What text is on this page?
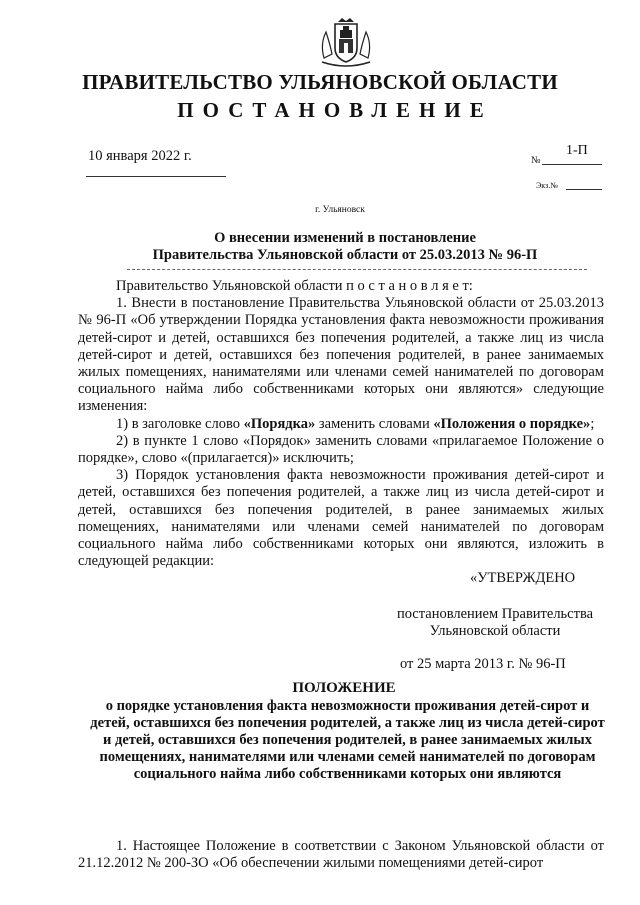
ПРАВИТЕЛЬСТВО УЛЬЯНОВСКОЙ ОБЛАСТИ
ПОСТАНОВЛЕНИЕ
10 января 2022 г.	№
1-П
Экз.№
г. Ульяновск
О внесении изменений в постановление
Правительства Ульяновской области от 25.03.2013 № 96-П

Правительство Ульяновской области п о с т а н о в л я е т:

1. Внести в постановление Правительства Ульяновской области от 25.03.2013 № 96-П «Об утверждении Порядка установления факта невозможности проживания детей-сирот и детей, оставшихся без попечения родителей, а также лиц из числа детей-сирот и детей, оставшихся без попечения родителей, в ранее занимаемых жилых помещениях, нанимателями или членами семей нанимателей по договорам социального найма либо собственниками которых они являются» следующие изменения:

1) в заголовке слово «Порядка» заменить словами «Положения о порядке»;

2) в пункте 1 слово «Порядок» заменить словами «прилагаемое Положение о порядке», слово «(прилагается)» исключить;

3) Порядок установления факта невозможности проживания детей-сирот и детей, оставшихся без попечения родителей, а также лиц из числа детей-сирот и детей, оставшихся без попечения родителей, в ранее занимаемых жилых помещениях, нанимателями или членами семей нанимателей по договорам социального найма либо собственниками которых они являются, изложить в следующей редакции:

«УТВЕРЖДЕНО
постановлением Правительства
Ульяновской области
от 25 марта 2013 г. № 96-П
ПОЛОЖЕНИЕ
о порядке установления факта невозможности проживания детей-сирот и детей, оставшихся без попечения родителей, а также лиц из числа детей-сирот и детей, оставшихся без попечения родителей, в ранее занимаемых жилых помещениях, нанимателями или членами семей нанимателей по договорам социального найма либо собственниками которых они являются

1. Настоящее Положение в соответствии с Законом Ульяновской области от 21.12.2012 № 200-ЗО «Об обеспечении жилыми помещениями детей-сирот
